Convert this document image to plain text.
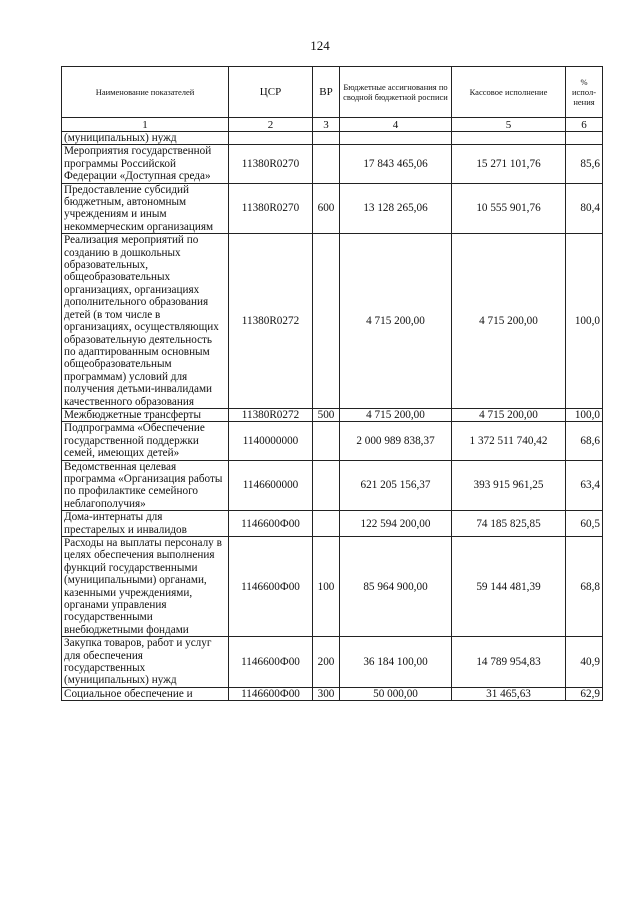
124
Наименование показателей	ЦСР	ВР	Бюджетные ассигнования по сводной бюджетной росписи	Кассовое исполнение	% испол-нения
1	2	3	4	5	6
(муниципальных) нужд					
Мероприятия государственной программы Российской Федерации «Доступная среда»	11380R0270		17 843 465,06	15 271 101,76	85,6
Предоставление субсидий бюджетным, автономным учреждениям и иным некоммерческим организациям	11380R0270	600	13 128 265,06	10 555 901,76	80,4
Реализация мероприятий по созданию в дошкольных образовательных, общеобразовательных организациях, организациях дополнительного образования детей (в том числе в организациях, осуществляющих образовательную деятельность по адаптированным основным общеобразовательным программам) условий для получения детьми-инвалидами качественного образования	11380R0272		4 715 200,00	4 715 200,00	100,0
Межбюджетные трансферты	11380R0272	500	4 715 200,00	4 715 200,00	100,0
Подпрограмма «Обеспечение государственной поддержки семей, имеющих детей»	1140000000		2 000 989 838,37	1 372 511 740,42	68,6
Ведомственная целевая программа «Организация работы по профилактике семейного неблагополучия»	1146600000		621 205 156,37	393 915 961,25	63,4
Дома-интернаты для престарелых и инвалидов	1146600Ф00		122 594 200,00	74 185 825,85	60,5
Расходы на выплаты персоналу в целях обеспечения выполнения функций государственными (муниципальными) органами, казенными учреждениями, органами управления государственными внебюджетными фондами	1146600Ф00	100	85 964 900,00	59 144 481,39	68,8
Закупка товаров, работ и услуг для обеспечения государственных (муниципальных) нужд	1146600Ф00	200	36 184 100,00	14 789 954,83	40,9
Социальное обеспечение и	1146600Ф00	300	50 000,00	31 465,63	62,9
